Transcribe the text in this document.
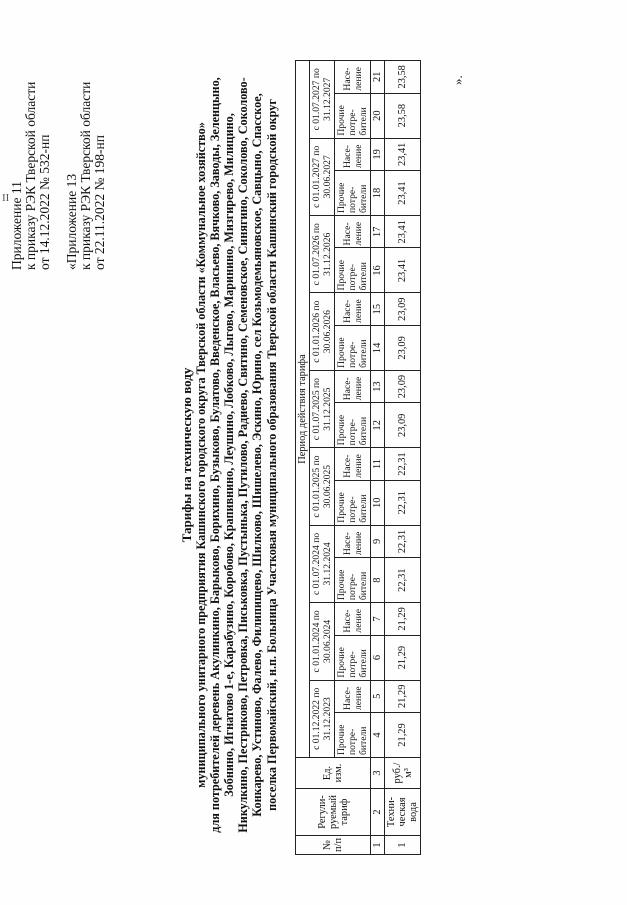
Приложение 11 к приказу РЭК Тверской области от 14.12.2022 № 532-нп «Приложение 13 к приказу РЭК Тверской области от 22.11.2022 № 198-нп
Тарифы на техническую воду муниципального унитарного предприятия Кашинского городского округа Тверской области «Коммунальное хозяйство» для потребителей деревень Акулинкино, Барыково, Борихино, Бузыково, Булатово, Введенское, Власьево, Вячково, Заводы, Зеленцыно, Зобнино, Игнатово 1-е, Карабузино, Коробово, Крапивнино, Леушино, Лобково, Лыгово, Маринино, Мизгирево, Милицино, Никулкино, Пестриково, Петровка, Письковка, Пустынька, Путилово, Радиево, Свитино, Семеновское, Синягино, Соколово, Соколово- Конкарево, Устиново, Фалево, Филипищево, Шилково, Шишелево, Эскино, Юрино, сел Козьмодемьяновское, Савцыно, Спасское, поселка Первомайский, н.п. Больница Участковая муниципального образования Тверской области Кашинский городской округ
№ п/п	Регули-руемый тариф	Ед. изм.	Период действия тарифа																	
			с 01.12.2022 по 31.12.2023		с 01.01.2024 по 30.06.2024		с 01.07.2024 по 31.12.2024		с 01.01.2025 по 30.06.2025		с 01.07.2025 по 31.12.2025		с 01.01.2026 по 30.06.2026		с 01.07.2026 по 31.12.2026		с 01.01.2027 по 30.06.2027		с 01.07.2027 по 31.12.2027	
			Прочие потре-бители	Насе-ление	Прочие потре-бители	Насе-ление	Прочие потре-бители	Насе-ление	Прочие потре-бители	Насе-ление	Прочие потре-бители	Насе-ление	Прочие потре-бители	Насе-ление	Прочие потре-бители	Насе-ление	Прочие потре-бители	Насе-ление	Прочие потре-бители	Насе-ление
1	2	3	4	5	6	7	8	9	10	11	12	13	14	15	16	17	18	19	20	21
1	Техни-ческая вода	руб./м³	21,29	21,29	21,29	21,29	22,31	22,31	22,31	22,31	23,09	23,09	23,09	23,09	23,41	23,41	23,41	23,41	23,58	23,58	».
II
